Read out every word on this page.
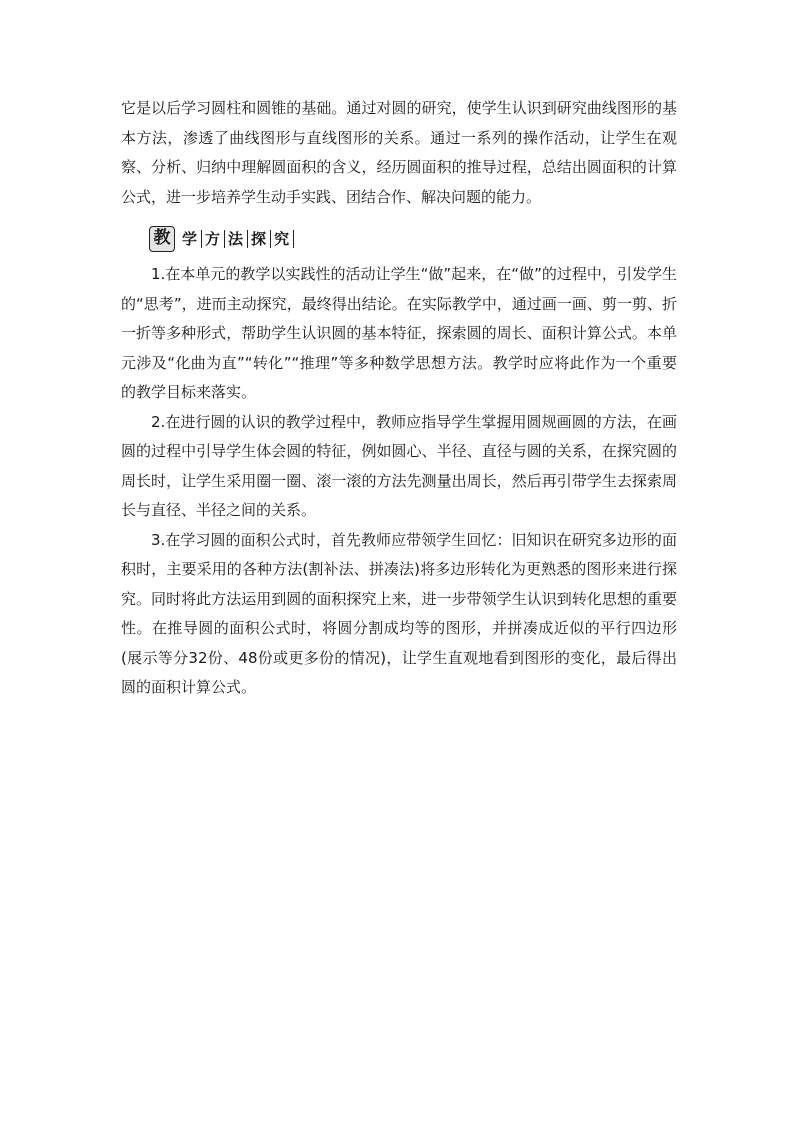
它是以后学习圆柱和圆锥的基础。通过对圆的研究，使学生认识到研究曲线图形的基本方法，渗透了曲线图形与直线图形的关系。通过一系列的操作活动，让学生在观察、分析、归纳中理解圆面积的含义，经历圆面积的推导过程，总结出圆面积的计算公式，进一步培养学生动手实践、团结合作、解决问题的能力。

教 学 方 法 探 究

1.在本单元的教学以实践性的活动让学生“做”起来，在“做”的过程中，引发学生的“思考”，进而主动探究，最终得出结论。在实际教学中，通过画一画、剪一剪、折一折等多种形式，帮助学生认识圆的基本特征，探索圆的周长、面积计算公式。本单元涉及“化曲为直”“转化”“推理”等多种数学思想方法。教学时应将此作为一个重要的教学目标来落实。

2.在进行圆的认识的教学过程中，教师应指导学生掌握用圆规画圆的方法，在画圆的过程中引导学生体会圆的特征，例如圆心、半径、直径与圆的关系，在探究圆的周长时，让学生采用圈一圈、滚一滚的方法先测量出周长，然后再引带学生去探索周长与直径、半径之间的关系。

3.在学习圆的面积公式时，首先教师应带领学生回忆：旧知识在研究多边形的面积时，主要采用的各种方法(割补法、拼凑法)将多边形转化为更熟悉的图形来进行探究。同时将此方法运用到圆的面积探究上来，进一步带领学生认识到转化思想的重要性。在推导圆的面积公式时，将圆分割成均等的图形，并拼凑成近似的平行四边形(展示等分32份、48份或更多份的情况)，让学生直观地看到图形的变化，最后得出圆的面积计算公式。
